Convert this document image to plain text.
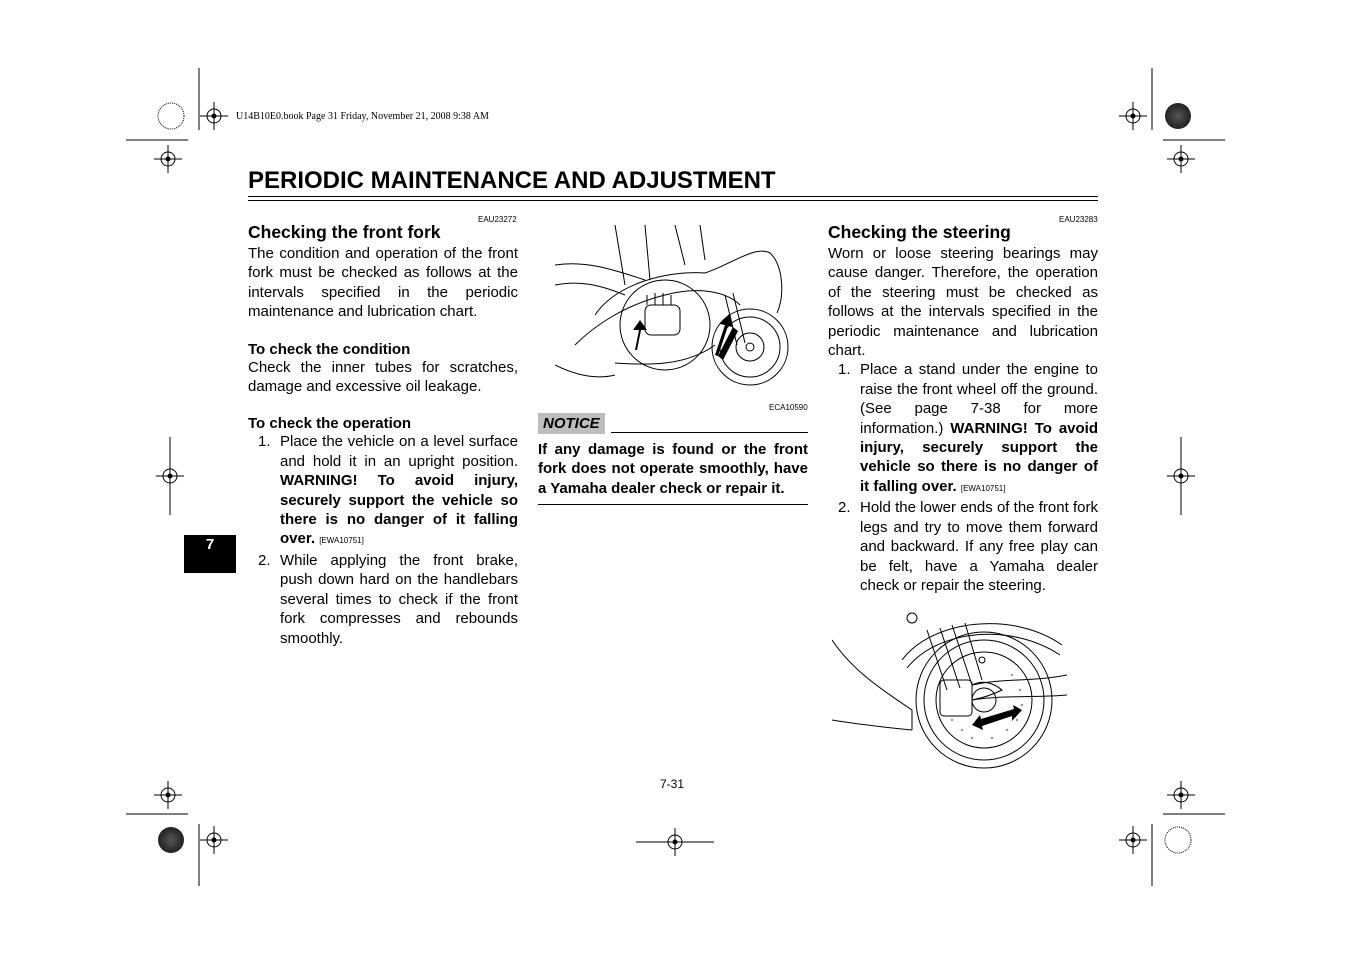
U14B10E0.book Page 31 Friday, November 21, 2008 9:38 AM
PERIODIC MAINTENANCE AND ADJUSTMENT
7
EAU23272
Checking the front fork
The condition and operation of the front fork must be checked as follows at the intervals specified in the periodic maintenance and lubrication chart.
To check the condition
Check the inner tubes for scratches, damage and excessive oil leakage.
To check the operation
1. Place the vehicle on a level surface and hold it in an upright position. WARNING! To avoid injury, securely support the vehicle so there is no danger of it falling over. [EWA10751]
2. While applying the front brake, push down hard on the handlebars several times to check if the front fork compresses and rebounds smoothly.
ECA10590
NOTICE
If any damage is found or the front fork does not operate smoothly, have a Yamaha dealer check or repair it.
EAU23283
Checking the steering
Worn or loose steering bearings may cause danger. Therefore, the operation of the steering must be checked as follows at the intervals specified in the periodic maintenance and lubrication chart.
1. Place a stand under the engine to raise the front wheel off the ground. (See page 7-38 for more information.) WARNING! To avoid injury, securely support the vehicle so there is no danger of it falling over. [EWA10751]
2. Hold the lower ends of the front fork legs and try to move them forward and backward. If any free play can be felt, have a Yamaha dealer check or repair the steering.
7-31
